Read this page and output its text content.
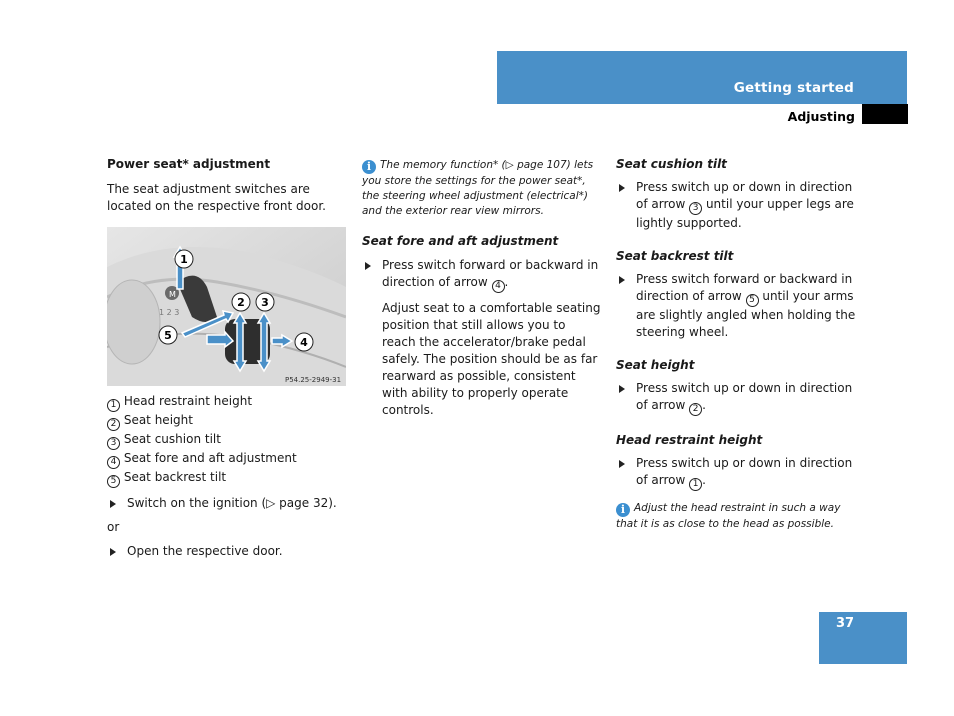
Getting started
Adjusting
Power seat* adjustment

The seat adjustment switches are located on the respective front door.

M
1 2 3
1
2 3
4
5
P54.25-2949-31
1 Head restraint height
2 Seat height
3 Seat cushion tilt
4 Seat fore and aft adjustment
5 Seat backrest tilt

Switch on the ignition (▷ page 32).

or

Open the respective door.

i The memory function* (▷ page 107) lets you store the settings for the power seat*, the steering wheel adjustment (electrical*) and the exterior rear view mirrors.

Seat fore and aft adjustment

Press switch forward or backward in direction of arrow 4 .

Adjust seat to a comfortable seating position that still allows you to reach the accelerator/brake pedal safely. The position should be as far rearward as possible, consistent with ability to properly operate controls.

Seat cushion tilt

Press switch up or down in direction of arrow 3 until your upper legs are lightly supported.

Seat backrest tilt

Press switch forward or backward in direction of arrow 5 until your arms are slightly angled when holding the steering wheel.

Seat height

Press switch up or down in direction of arrow 2 .

Head restraint height

Press switch up or down in direction of arrow 1 .

i Adjust the head restraint in such a way that it is as close to the head as possible.

37
